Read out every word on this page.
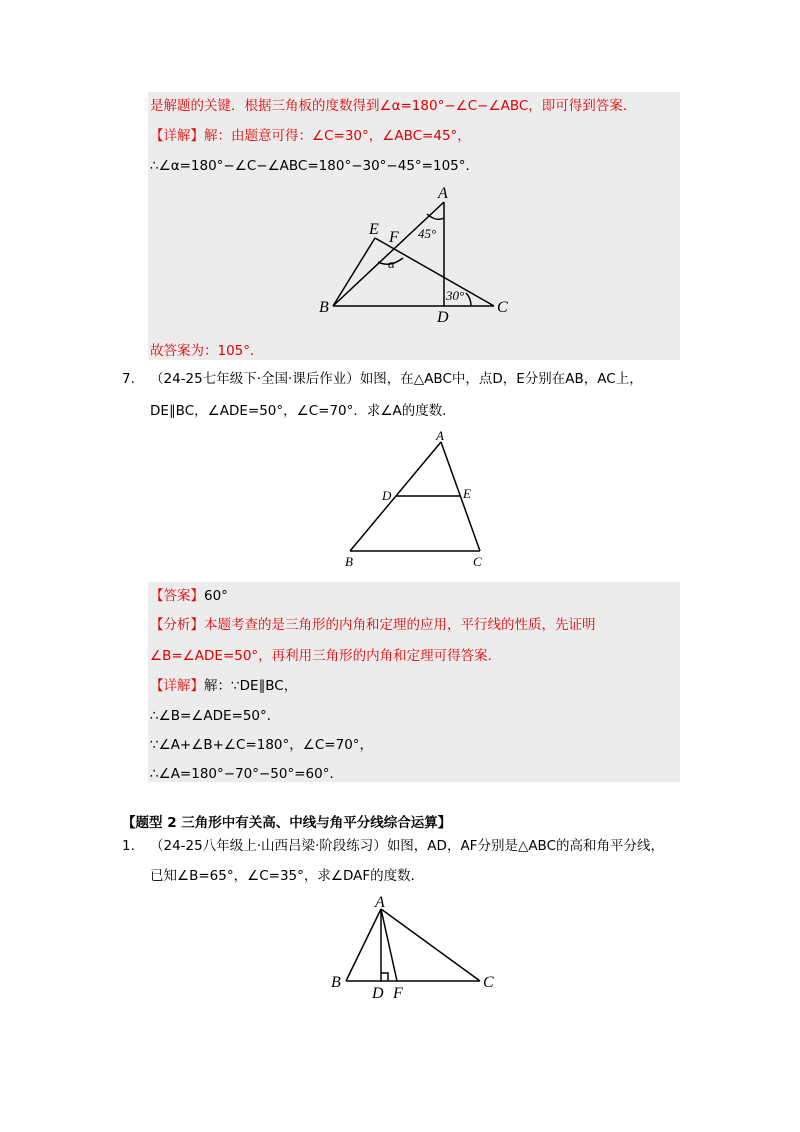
是解题的关键．根据三角板的度数得到∠α=180°−∠C−∠ABC，即可得到答案．
【详解】解：由题意可得：∠C=30°，∠ABC=45°，
∴∠α=180°−∠C−∠ABC=180°−30°−45°=105°．
A
E F
B
D
C
45°
30°
α
故答案为：105°．
7. （24-25七年级下·全国·课后作业）如图，在△ABC中，点D，E分别在AB，AC上，
DE∥BC，∠ADE=50°，∠C=70°．求∠A的度数．
A
D	E
B	C
【答案】60°
【分析】本题考查的是三角形的内角和定理的应用，平行线的性质，先证明
∠B=∠ADE=50°，再利用三角形的内角和定理可得答案．
【详解】解：∵DE∥BC，
∴∠B=∠ADE=50°．
∵∠A+∠B+∠C=180°，∠C=70°，
∴∠A=180°−70°−50°=60°．
【题型 2 三角形中有关高、中线与角平分线综合运算】
1. （24-25八年级上·山西吕梁·阶段练习）如图，AD，AF分别是△ABC的高和角平分线，
已知∠B=65°，∠C=35°，求∠DAF的度数．
A
B
D F
C
